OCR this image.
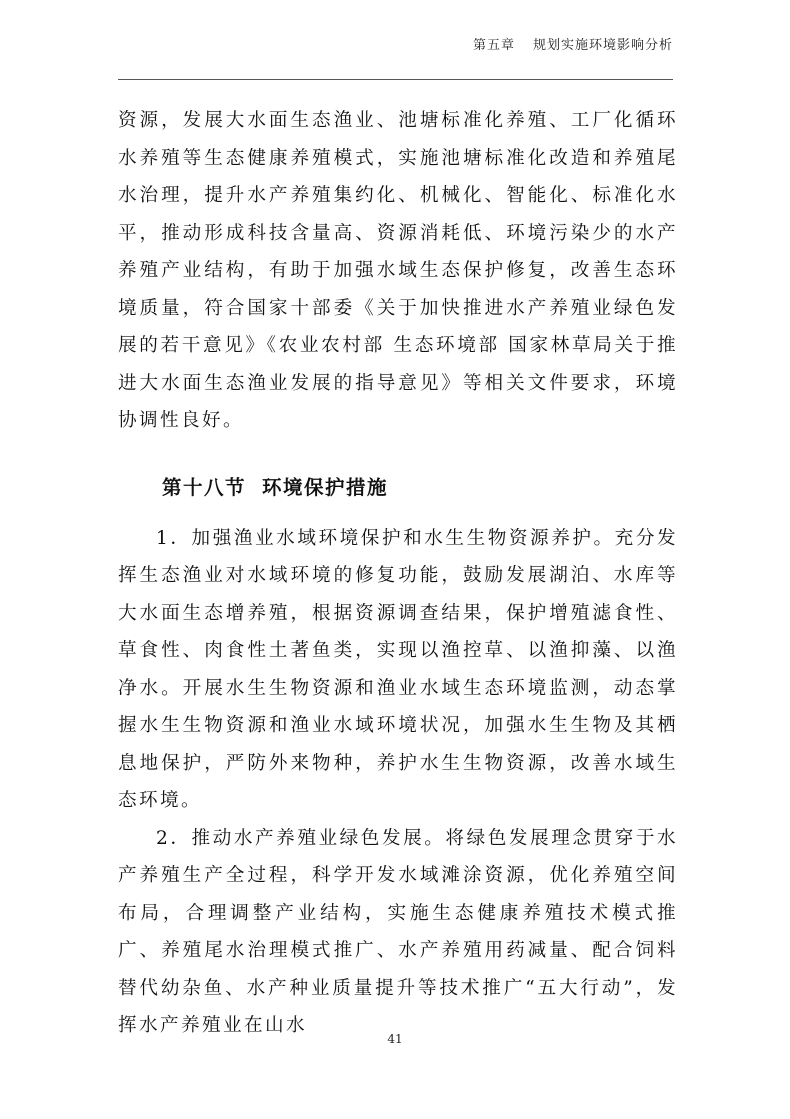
第五章 规划实施环境影响分析

资源，发展大水面生态渔业、池塘标准化养殖、工厂化循环水养殖等生态健康养殖模式，实施池塘标准化改造和养殖尾水治理，提升水产养殖集约化、机械化、智能化、标准化水平，推动形成科技含量高、资源消耗低、环境污染少的水产养殖产业结构，有助于加强水域生态保护修复，改善生态环境质量，符合国家十部委《关于加快推进水产养殖业绿色发展的若干意见》《农业农村部 生态环境部 国家林草局关于推进大水面生态渔业发展的指导意见》等相关文件要求，环境协调性良好。

第十八节 环境保护措施

1．加强渔业水域环境保护和水生生物资源养护。充分发挥生态渔业对水域环境的修复功能，鼓励发展湖泊、水库等大水面生态增养殖，根据资源调查结果，保护增殖滤食性、草食性、肉食性土著鱼类，实现以渔控草、以渔抑藻、以渔净水。开展水生生物资源和渔业水域生态环境监测，动态掌握水生生物资源和渔业水域环境状况，加强水生生物及其栖息地保护，严防外来物种，养护水生生物资源，改善水域生态环境。

2．推动水产养殖业绿色发展。将绿色发展理念贯穿于水产养殖生产全过程，科学开发水域滩涂资源，优化养殖空间布局，合理调整产业结构，实施生态健康养殖技术模式推广、养殖尾水治理模式推广、水产养殖用药减量、配合饲料替代幼杂鱼、水产种业质量提升等技术推广“五大行动”，发挥水产养殖业在山水

41
